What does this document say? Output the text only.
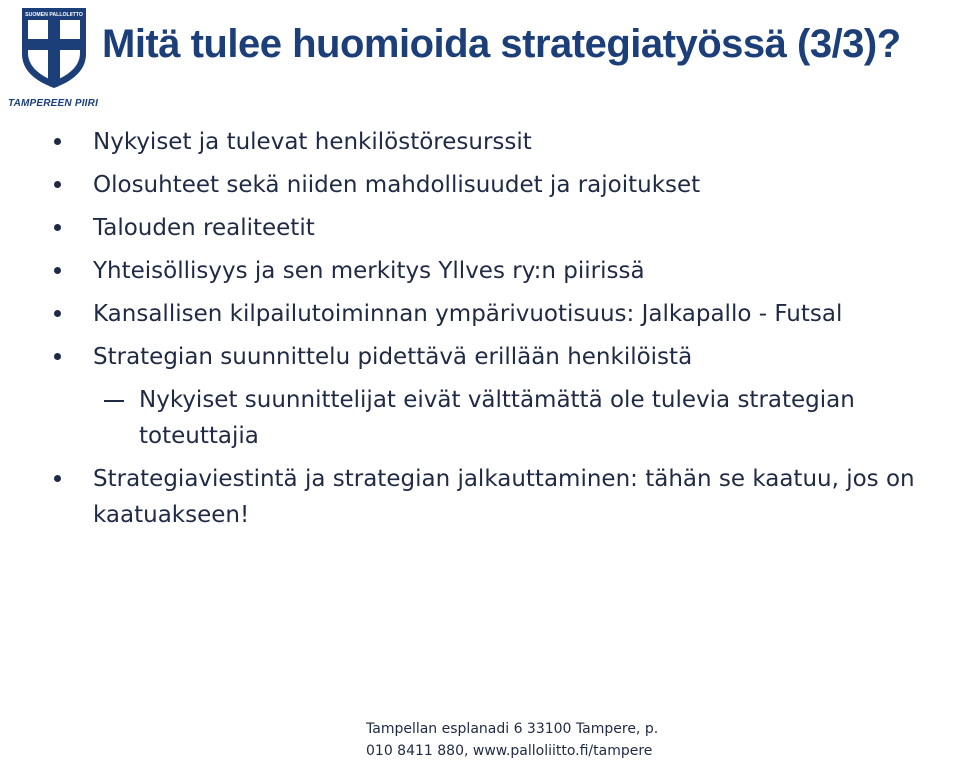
SUOMEN PALLOLIITTO
TAMPEREEN PIIRI
Mitä tulee huomioida strategiatyössä (3/3)?
Nykyiset ja tulevat henkilöstöresurssit
Olosuhteet sekä niiden mahdollisuudet ja rajoitukset
Talouden realiteetit
Yhteisöllisyys ja sen merkitys Yllves ry:n piirissä
Kansallisen kilpailutoiminnan ympärivuotisuus: Jalkapallo - Futsal
Strategian suunnittelu pidettävä erillään henkilöistä
Nykyiset suunnittelijat eivät välttämättä ole tulevia strategian toteuttajia
Strategiaviestintä ja strategian jalkauttaminen: tähän se kaatuu, jos on kaatuakseen!
Tampellan esplanadi 6 33100 Tampere, p.
010 8411 880, www.palloliitto.fi/tampere
